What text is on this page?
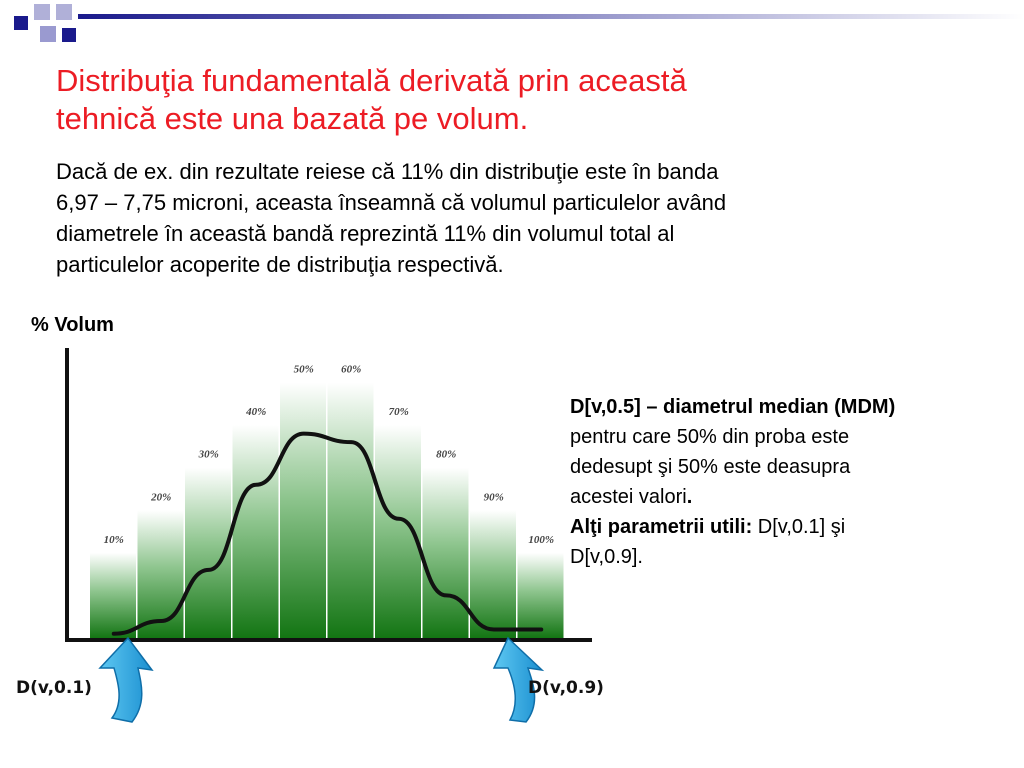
Distribuţia fundamentală derivată prin această
tehnică este una bazată pe volum.
Dacă de ex. din rezultate reiese că 11% din distribuţie este în banda
6,97 – 7,75 microni, aceasta înseamnă că volumul particulelor având
diametrele în această bandă reprezintă 11% din volumul total al
particulelor acoperite de distribuţia respectivă.
% Volum
10%
20%
30%
40%
50% 60%
70%
80%
90%
100%
D(v,0.1)	D(v,0.9)
D[v,0.5] – diametrul median (MDM)
pentru care 50% din proba este
dedesupt şi 50% este deasupra
acestei valori.
Alţi parametrii utili: D[v,0.1] şi
D[v,0.9].
